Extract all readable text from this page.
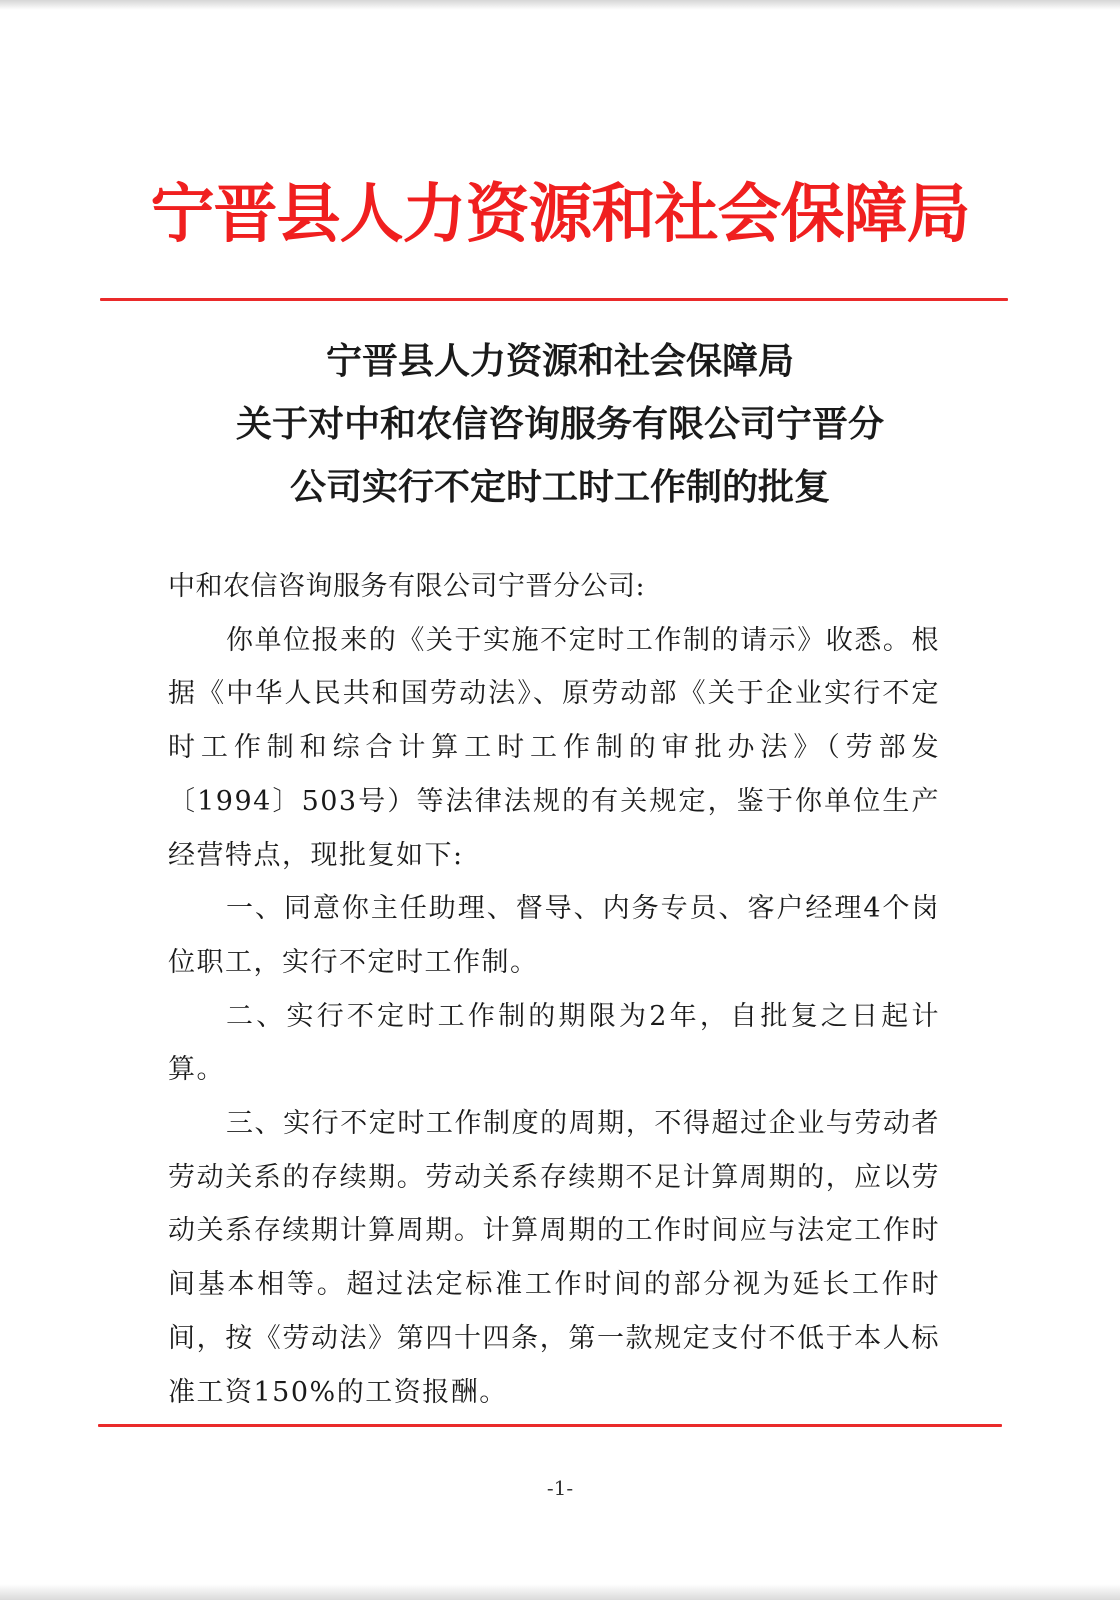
宁晋县人力资源和社会保障局
宁晋县人力资源和社会保障局
关于对中和农信咨询服务有限公司宁晋分
公司实行不定时工时工作制的批复

中和农信咨询服务有限公司宁晋分公司:

你单位报来的《关于实施不定时工作制的请示》收悉。根据《中华人民共和国劳动法》、原劳动部《关于企业实行不定时工作制和综合计算工时工作制的审批办法》（劳部发〔1994〕503号）等法律法规的有关规定，鉴于你单位生产经营特点，现批复如下:

一、同意你主任助理、督导、内务专员、客户经理4个岗位职工，实行不定时工作制。

二、实行不定时工作制的期限为2年，自批复之日起计算。

三、实行不定时工作制度的周期，不得超过企业与劳动者劳动关系的存续期。劳动关系存续期不足计算周期的，应以劳动关系存续期计算周期。计算周期的工作时间应与法定工作时间基本相等。超过法定标准工作时间的部分视为延长工作时间，按《劳动法》第四十四条，第一款规定支付不低于本人标准工资150%的工资报酬。

-1-
